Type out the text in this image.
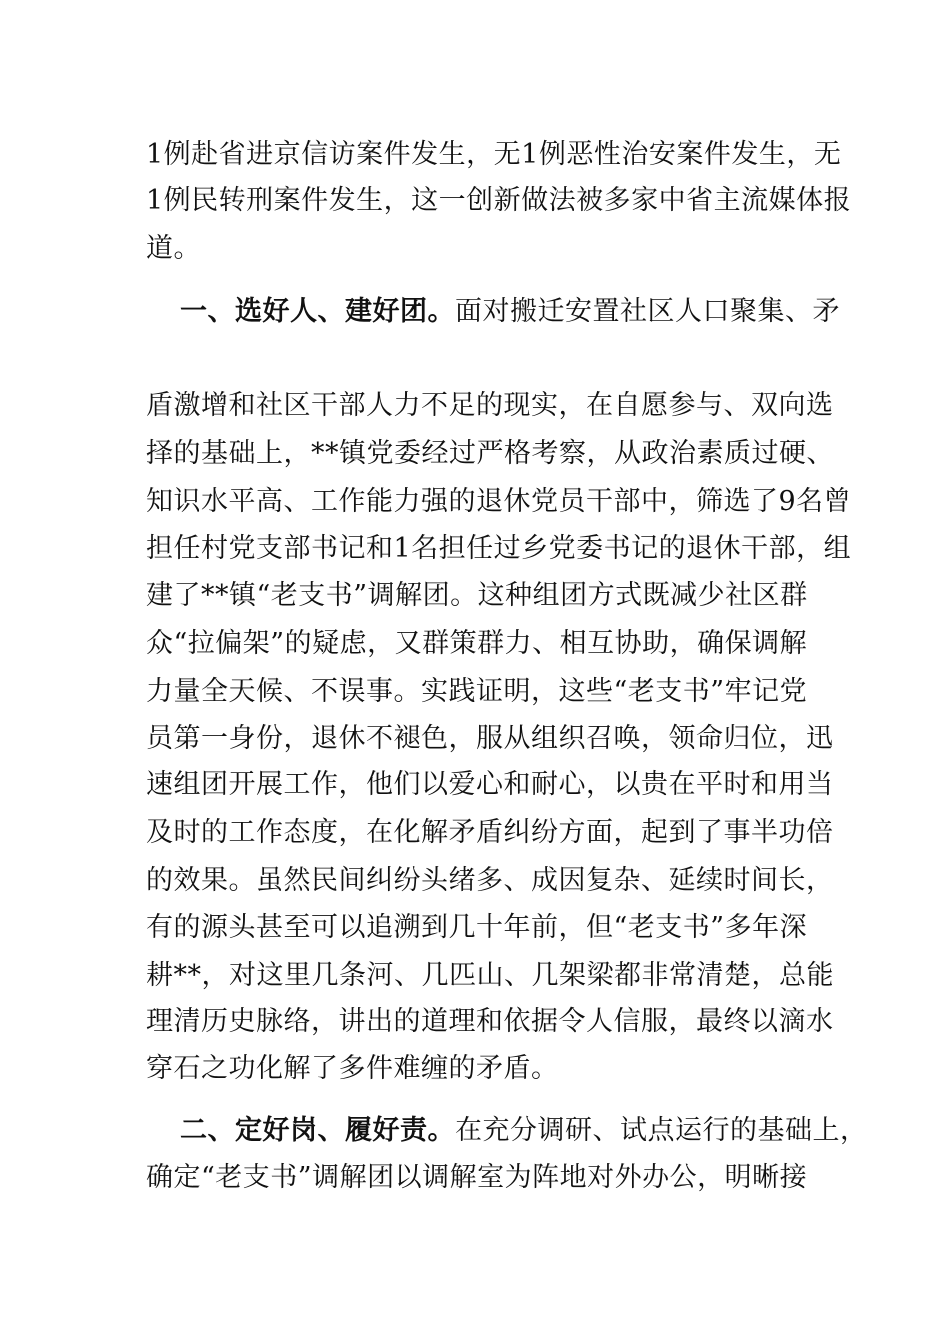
1例赴省进京信访案件发生，无1例恶性治安案件发生，无
1例民转刑案件发生，这一创新做法被多家中省主流媒体报
道。
一、选好人、建好团。面对搬迁安置社区人口聚集、矛
盾激增和社区干部人力不足的现实，在自愿参与、双向选
择的基础上，**镇党委经过严格考察，从政治素质过硬、
知识水平高、工作能力强的退休党员干部中，筛选了9名曾
担任村党支部书记和1名担任过乡党委书记的退休干部，组
建了**镇“老支书”调解团。这种组团方式既减少社区群
众“拉偏架”的疑虑，又群策群力、相互协助，确保调解
力量全天候、不误事。实践证明，这些“老支书”牢记党
员第一身份，退休不褪色，服从组织召唤，领命归位，迅
速组团开展工作，他们以爱心和耐心，以贵在平时和用当
及时的工作态度，在化解矛盾纠纷方面，起到了事半功倍
的效果。虽然民间纠纷头绪多、成因复杂、延续时间长，
有的源头甚至可以追溯到几十年前，但“老支书”多年深
耕**，对这里几条河、几匹山、几架梁都非常清楚，总能
理清历史脉络，讲出的道理和依据令人信服，最终以滴水
穿石之功化解了多件难缠的矛盾。
二、定好岗、履好责。在充分调研、试点运行的基础上，
确定“老支书”调解团以调解室为阵地对外办公，明晰接
